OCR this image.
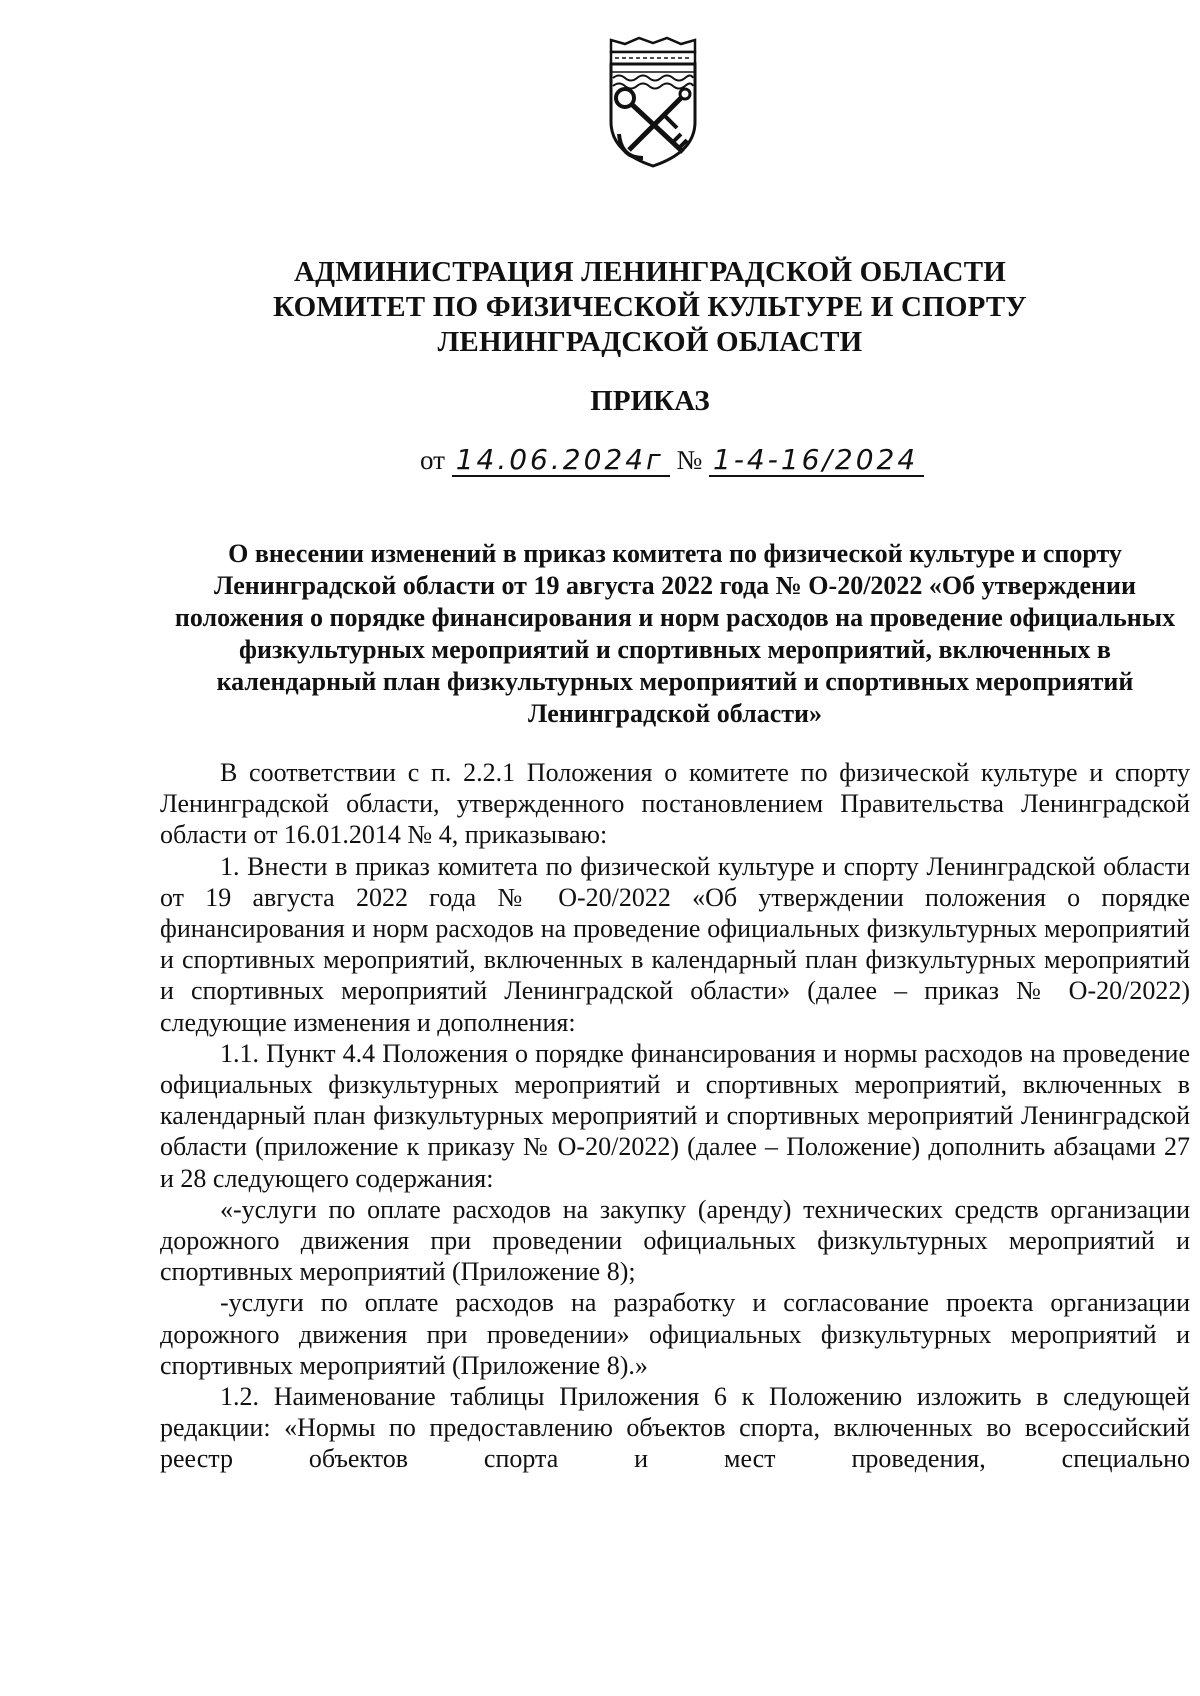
АДМИНИСТРАЦИЯ ЛЕНИНГРАДСКОЙ ОБЛАСТИ
КОМИТЕТ ПО ФИЗИЧЕСКОЙ КУЛЬТУРЕ И СПОРТУ
ЛЕНИНГРАДСКОЙ ОБЛАСТИ
ПРИКАЗ
от 14.06.2024г № 1-4-16/2024
О внесении изменений в приказ комитета по физической культуре и спорту Ленинградской области от 19 августа 2022 года № О-20/2022 «Об утверждении положения о порядке финансирования и норм расходов на проведение официальных физкультурных мероприятий и спортивных мероприятий, включенных в календарный план физкультурных мероприятий и спортивных мероприятий Ленинградской области»

В соответствии с п. 2.2.1 Положения о комитете по физической культуре и спорту Ленинградской области, утвержденного постановлением Правительства Ленинградской области от 16.01.2014 № 4, приказываю:

1. Внести в приказ комитета по физической культуре и спорту Ленинградской области от 19 августа 2022 года № О-20/2022 «Об утверждении положения о порядке финансирования и норм расходов на проведение официальных физкультурных мероприятий и спортивных мероприятий, включенных в календарный план физкультурных мероприятий и спортивных мероприятий Ленинградской области» (далее – приказ № О-20/2022) следующие изменения и дополнения:

1.1. Пункт 4.4 Положения о порядке финансирования и нормы расходов на проведение официальных физкультурных мероприятий и спортивных мероприятий, включенных в календарный план физкультурных мероприятий и спортивных мероприятий Ленинградской области (приложение к приказу № О-20/2022) (далее – Положение) дополнить абзацами 27 и 28 следующего содержания:

«-услуги по оплате расходов на закупку (аренду) технических средств организации дорожного движения при проведении официальных физкультурных мероприятий и спортивных мероприятий (Приложение 8);

-услуги по оплате расходов на разработку и согласование проекта организации дорожного движения при проведении» официальных физкультурных мероприятий и спортивных мероприятий (Приложение 8).»

1.2. Наименование таблицы Приложения 6 к Положению изложить в следующей редакции: «Нормы по предоставлению объектов спорта, включенных во всероссийский реестр объектов спорта и мест проведения, специально
